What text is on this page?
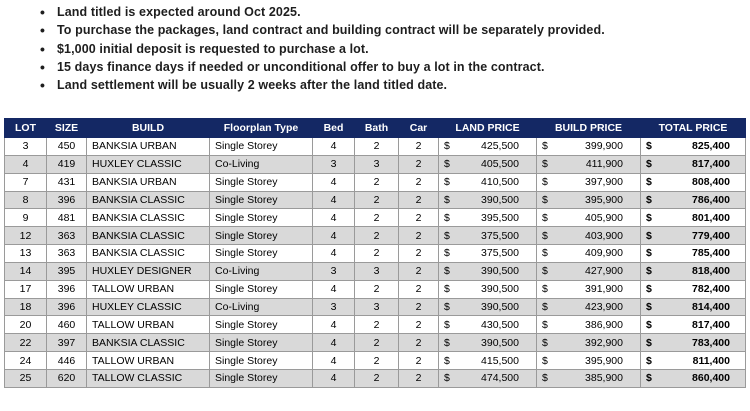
• Land titled is expected around Oct 2025.
• To purchase the packages, land contract and building contract will be separately provided.
• $1,000 initial deposit is requested to purchase a lot.
• 15 days finance days if needed or unconditional offer to buy a lot in the contract.
• Land settlement will be usually 2 weeks after the land titled date.
LOT	SIZE	BUILD	Floorplan Type	Bed	Bath	Car	LAND PRICE	BUILD PRICE	TOTAL PRICE
3	450	BANKSIA URBAN	Single Storey	4	2	2	$ 425,500	$ 399,900	$ 825,400

4	419	HUXLEY CLASSIC	Co-Living	3	3	2	$ 405,500	$ 411,900	$ 817,400

7	431	BANKSIA URBAN	Single Storey	4	2	2	$ 410,500	$ 397,900	$ 808,400

8	396	BANKSIA CLASSIC	Single Storey	4	2	2	$ 390,500	$ 395,900	$ 786,400

9	481	BANKSIA CLASSIC	Single Storey	4	2	2	$ 395,500	$ 405,900	$ 801,400

12	363	BANKSIA CLASSIC	Single Storey	4	2	2	$ 375,500	$ 403,900	$ 779,400

13	363	BANKSIA CLASSIC	Single Storey	4	2	2	$ 375,500	$ 409,900	$ 785,400

14	395	HUXLEY DESIGNER	Co-Living	3	3	2	$ 390,500	$ 427,900	$ 818,400

17	396	TALLOW URBAN	Single Storey	4	2	2	$ 390,500	$ 391,900	$ 782,400

18	396	HUXLEY CLASSIC	Co-Living	3	3	2	$ 390,500	$ 423,900	$ 814,400

20	460	TALLOW URBAN	Single Storey	4	2	2	$ 430,500	$ 386,900	$ 817,400

22	397	BANKSIA CLASSIC	Single Storey	4	2	2	$ 390,500	$ 392,900	$ 783,400

24	446	TALLOW URBAN	Single Storey	4	2	2	$ 415,500	$ 395,900	$ 811,400

25	620	TALLOW CLASSIC	Single Storey	4	2	2	$ 474,500	$ 385,900	$ 860,400
